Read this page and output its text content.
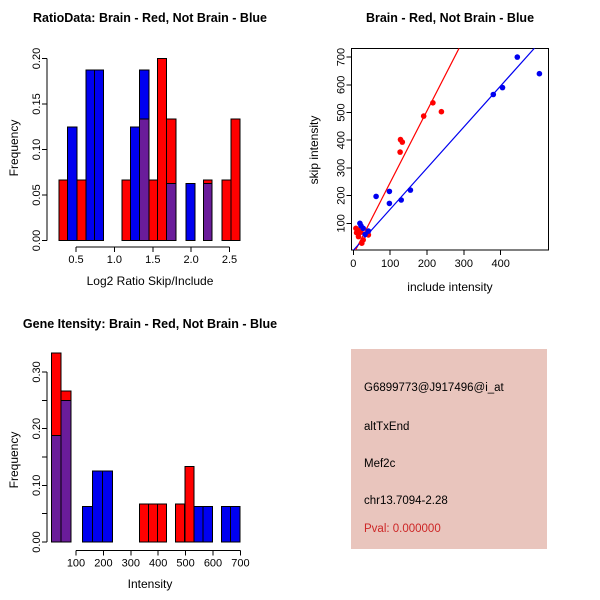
0.00
0.05
0.10
0.15
0.20
0.5 1.0 1.5 2.0 2.5
RatioData: Brain - Red, Not Brain - Blue
Frequency
Log2 Ratio Skip/Include
100
200
300
400
500
600
700
0 100 200 300 400
Brain - Red, Not Brain - Blue
skip intensity
include intensity
0.00
0.10
0.20
0.30
100 200 300 400 500 600 700
Gene Itensity: Brain - Red, Not Brain - Blue
Frequency
Intensity
G6899773@J917496@i_at
altTxEnd
Mef2c
chr13.7094-2.28
Pval: 0.000000
